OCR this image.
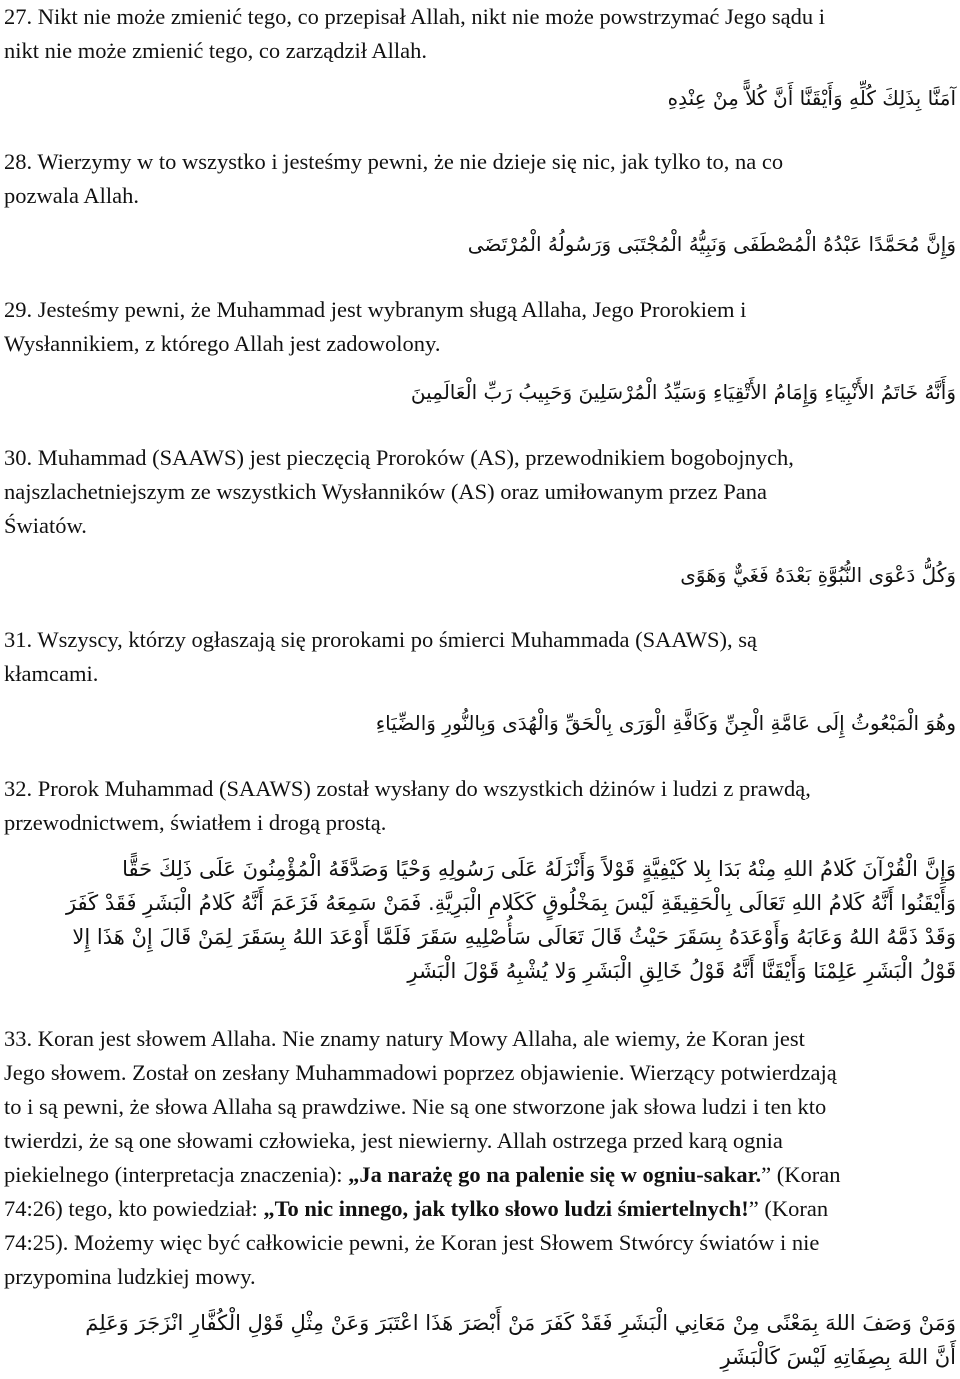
27. Nikt nie może zmienić tego, co przepisał Allah, nikt nie może powstrzymać Jego sądu i
nikt nie może zmienić tego, co zarządził Allah.
آمَنَّا بِذَلِكَ كُلِّهِ وَأَيْقَنَّا أَنَّ كُلاًّ مِنْ عِنْدِهِ
28. Wierzymy w to wszystko i jesteśmy pewni, że nie dzieje się nic, jak tylko to, na co
pozwala Allah.
وَإِنَّ مُحَمَّدًا عَبْدُهُ الْمُصْطَفَى وَنَبِيُّهُ الْمُجْتَبَى وَرَسُولُهُ الْمُرْتَضَى
29. Jesteśmy pewni, że Muhammad jest wybranym sługą Allaha, Jego Prorokiem i
Wysłannikiem, z którego Allah jest zadowolony.
وَأَنَّهُ خَاتَمُ الأَنْبِيَاءِ وَإِمَامُ الأَتْقِيَاءِ وَسَيِّدُ الْمُرْسَلِينَ وَحَبِيبُ رَبِّ الْعَالَمِينَ
30. Muhammad (SAAWS) jest pieczęcią Proroków (AS), przewodnikiem bogobojnych,
najszlachetniejszym ze wszystkich Wysłanników (AS) oraz umiłowanym przez Pana
Światów.
وَكُلُّ دَعْوَى النُّبُوَّةِ بَعْدَهُ فَغَيٌّ وَهَوًى
31. Wszyscy, którzy ogłaszają się prorokami po śmierci Muhammada (SAAWS), są
kłamcami.
وهُوَ الْمَبْعُوثُ إِلَى عَامَّةِ الْجِنِّ وَكَافَّةِ الْوَرَى بِالْحَقِّ وَالْهُدَى وَبِالنُّورِ وَالضِّيَاءِ
32. Prorok Muhammad (SAAWS) został wysłany do wszystkich dżinów i ludzi z prawdą,
przewodnictwem, światłem i drogą prostą.
وَإِنَّ الْقُرْآنَ كَلامُ اللهِ مِنْهُ بَدَا بِلا كَيْفِيَّةٍ قَوْلاً وَأَنْزَلَهُ عَلَى رَسُولِهِ وَحْيًا وَصَدَّقَهُ الْمُؤْمِنُونَ عَلَى ذَلِكَ حَقًّا
وَأَيْقَنُوا أَنَّهُ كَلامُ اللهِ تَعَالَى بِالْحَقِيقَةِ لَيْسَ بِمَخْلُوقٍ كَكَلامِ الْبَرِيَّةِ. فَمَنْ سَمِعَهُ فَزَعَمَ أَنَّهُ كَلامُ الْبَشَرِ فَقَدْ كَفَرَ
وَقَدْ ذَمَّهُ اللهُ وَعَابَهُ وَأَوْعَدَهُ بِسَقَرَ حَيْثُ قَالَ تَعَالَى سَأُصْلِيهِ سَقَرَ فَلَمَّا أَوْعَدَ اللهُ بِسَقَرَ لِمَنْ قَالَ إِنْ هَذَا إِلا
قَوْلُ الْبَشَرِ عَلِمْنَا وَأَيْقَنَّا أَنَّهُ قَوْلُ خَالِقِ الْبَشَرِ وَلا يُشْبِهُ قَوْلَ الْبَشَرِ
33. Koran jest słowem Allaha. Nie znamy natury Mowy Allaha, ale wiemy, że Koran jest
Jego słowem. Został on zesłany Muhammadowi poprzez objawienie. Wierzący potwierdzają
to i są pewni, że słowa Allaha są prawdziwe. Nie są one stworzone jak słowa ludzi i ten kto
twierdzi, że są one słowami człowieka, jest niewierny. Allah ostrzega przed karą ognia
piekielnego (interpretacja znaczenia): „Ja narażę go na palenie się w ogniu-sakar.” (Koran
74:26) tego, kto powiedział: „To nic innego, jak tylko słowo ludzi śmiertelnych!” (Koran
74:25). Możemy więc być całkowicie pewni, że Koran jest Słowem Stwórcy światów i nie
przypomina ludzkiej mowy.
وَمَنْ وَصَفَ اللهَ بِمَعْنًى مِنْ مَعَانِي الْبَشَرِ فَقَدْ كَفَرَ مَنْ أَبْصَرَ هَذَا اعْتَبَرَ وَعَنْ مِثْلِ قَوْلِ الْكُفَّارِ انْزَجَرَ وَعَلِمَ
أَنَّ اللهَ بِصِفَاتِهِ لَيْسَ كَالْبَشَرِ
